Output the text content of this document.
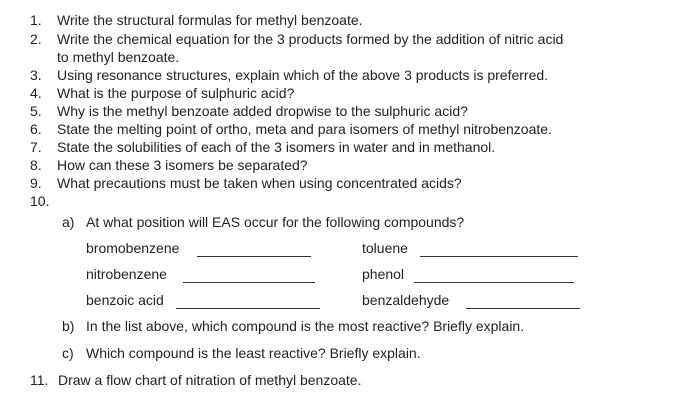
1. Write the structural formulas for methyl benzoate.
2. Write the chemical equation for the 3 products formed by the addition of nitric acid
to methyl benzoate.
3. Using resonance structures, explain which of the above 3 products is preferred.
4. What is the purpose of sulphuric acid?
5. Why is the methyl benzoate added dropwise to the sulphuric acid?
6. State the melting point of ortho, meta and para isomers of methyl nitrobenzoate.
7. State the solubilities of each of the 3 isomers in water and in methanol.
8. How can these 3 isomers be separated?
9. What precautions must be taken when using concentrated acids?
10.
a) At what position will EAS occur for the following compounds?
bromobenzene	toluene
nitrobenzene	phenol
benzoic acid	benzaldehyde
b) In the list above, which compound is the most reactive? Briefly explain.
c) Which compound is the least reactive? Briefly explain.
11. Draw a flow chart of nitration of methyl benzoate.
